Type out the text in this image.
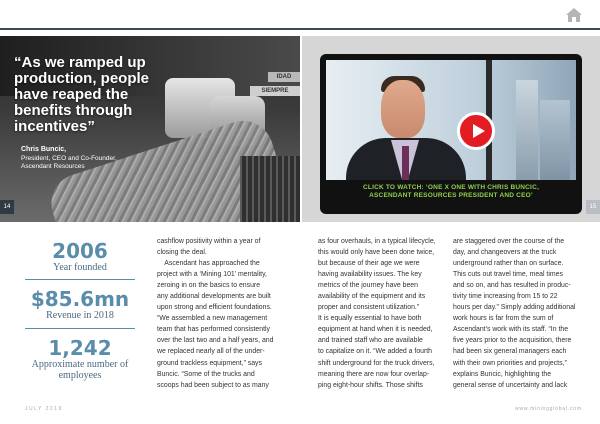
IDAD
SIEMPRE
“As we ramped up production, people have reaped the benefits through incentives”
Chris Buncic,
President, CEO and Co-Founder, Ascendant Resources
14
CLICK TO WATCH: ‘ONE X ONE WITH CHRIS BUNCIC,
ASCENDANT RESOURCES PRESIDENT AND CEO’
15
2006
Year founded
$85.6mn
Revenue in 2018
1,242
Approximate number of employees

cashflow positivity within a year of

closing the deal.

Ascendant has approached the

project with a ‘Mining 101’ mentality,

zeroing in on the basics to ensure

any additional developments are built

upon strong and efficient foundations.

“We assembled a new management

team that has performed consistently

over the last two and a half years, and

we replaced nearly all of the under-

ground trackless equipment,” says

Buncic. “Some of the trucks and

scoops had been subject to as many

as four overhauls, in a typical lifecycle,

this would only have been done twice,

but because of their age we were

having availability issues. The key

metrics of the journey have been

availability of the equipment and its

proper and consistent utilization.”

It is equally essential to have both

equipment at hand when it is needed,

and trained staff who are available

to capitalize on it. “We added a fourth

shift underground for the truck drivers,

meaning there are now four overlap-

ping eight-hour shifts. Those shifts

are staggered over the course of the

day, and changeovers at the truck

underground rather than on surface.

This cuts out travel time, meal times

and so on, and has resulted in produc-

tivity time increasing from 15 to 22

hours per day.” Simply adding additional

work hours is far from the sum of

Ascendant’s work with its staff. “In the

five years prior to the acquisition, there

had been six general managers each

with their own priorities and projects,”

explains Buncic, highlighting the

general sense of uncertainty and lack

JULY 2019	www.miningglobal.com
